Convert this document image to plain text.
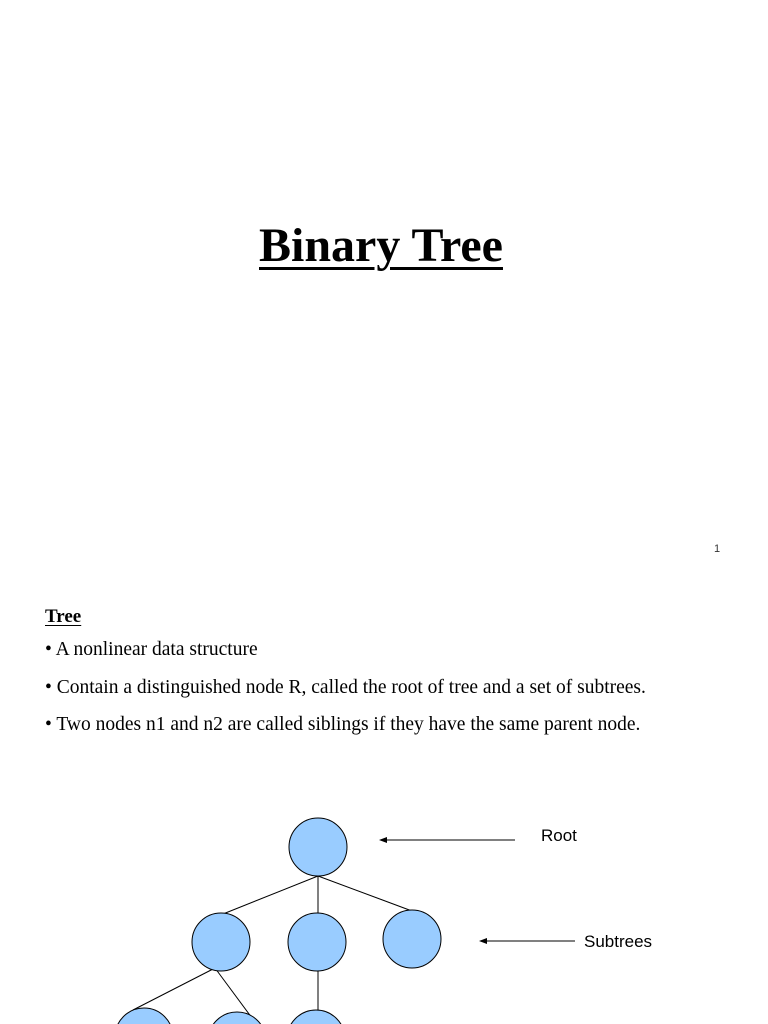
Binary Tree
1
Tree
• A nonlinear data structure
• Contain a distinguished node R, called the root of tree and a set of subtrees.
• Two nodes n1 and n2 are called siblings if they have the same parent node.
Root
Subtrees
